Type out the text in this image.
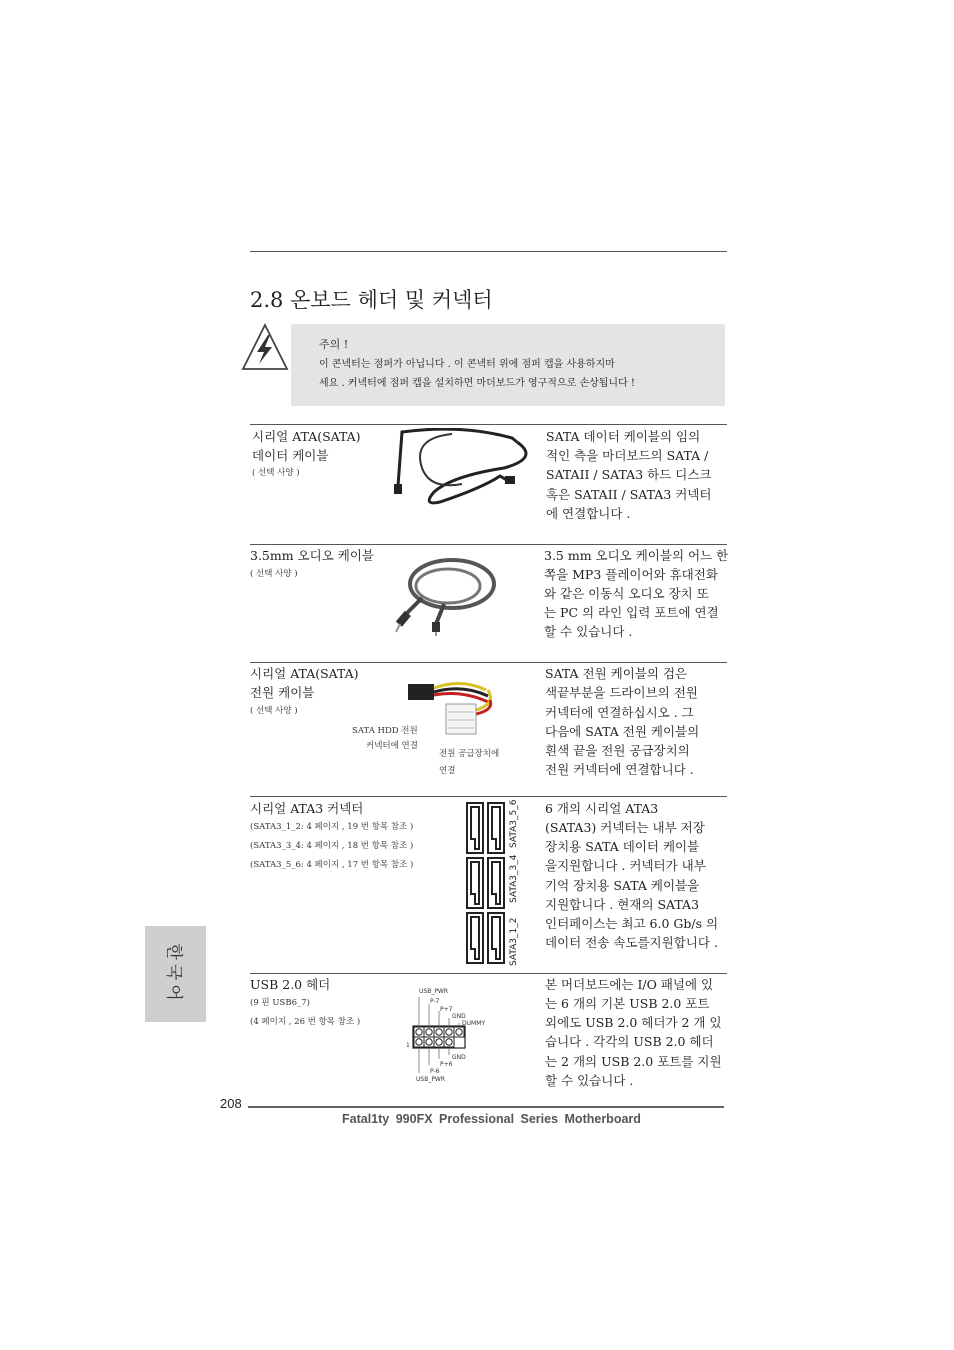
2.8 온보드 헤더 및 커넥터
주의 !
이 콘넥터는 점퍼가 아닙니다 . 이 콘넥터 위에 점퍼 캡을 사용하지마
세요 . 커넥터에 점퍼 캡을 설치하면 마더보드가 영구적으로 손상됩니다 !
시리얼 ATA(SATA)
데이터 케이블
( 선택 사양 )
SATA 데이터 케이블의 임의
적인 측을 마더보드의 SATA /
SATAII / SATA3 하드 디스크
혹은 SATAII / SATA3 커넥터
에 연결합니다 .
3.5mm 오디오 케이블
( 선택 사양 )
3.5 mm 오디오 케이블의 어느 한
쪽을 MP3 플레이어와 휴대전화
와 같은 이동식 오디오 장치 또
는 PC 의 라인 입력 포트에 연결
할 수 있습니다 .
시리얼 ATA(SATA)
전원 케이블
( 선택 사양 )
SATA HDD 전원
커넥터에 연결
전원 공급장치에
연결
SATA 전원 케이블의 검은
색끝부분을 드라이브의 전원
커넥터에 연결하십시오 . 그
다음에 SATA 전원 케이블의
흰색 끝을 전원 공급장치의
전원 커넥터에 연결합니다 .
시리얼 ATA3 커넥터
(SATA3_1_2: 4 페이지 , 19 번 항목 참조 )
(SATA3_3_4: 4 페이지 , 18 번 항목 참조 )
(SATA3_5_6: 4 페이지 , 17 번 항목 참조 )
SATA3_5_6
SATA3_3_4
SATA3_1_2
6 개의 시리얼 ATA3
(SATA3) 커넥터는 내부 저장
장치용 SATA 데이터 케이블
을지원합니다 . 커넥터가 내부
기억 장치용 SATA 케이블을
지원합니다 . 현재의 SATA3
인터페이스는 최고 6.0 Gb/s 의
데이터 전송 속도를지원합니다 .
USB 2.0 헤더
(9 핀 USB6_7)
(4 페이지 , 26 번 항목 참조 )
USB_PWR
P-7
P+7
GND
DUMMY
1
GND
P+6
P-6
USB_PWR
본 머더보드에는 I/O 패널에 있
는 6 개의 기본 USB 2.0 포트
외에도 USB 2.0 헤더가 2 개 있
습니다 . 각각의 USB 2.0 헤더
는 2 개의 USB 2.0 포트를 지원
할 수 있습니다 .
한국어
208
Fatal1ty 990FX Professional Series Motherboard
